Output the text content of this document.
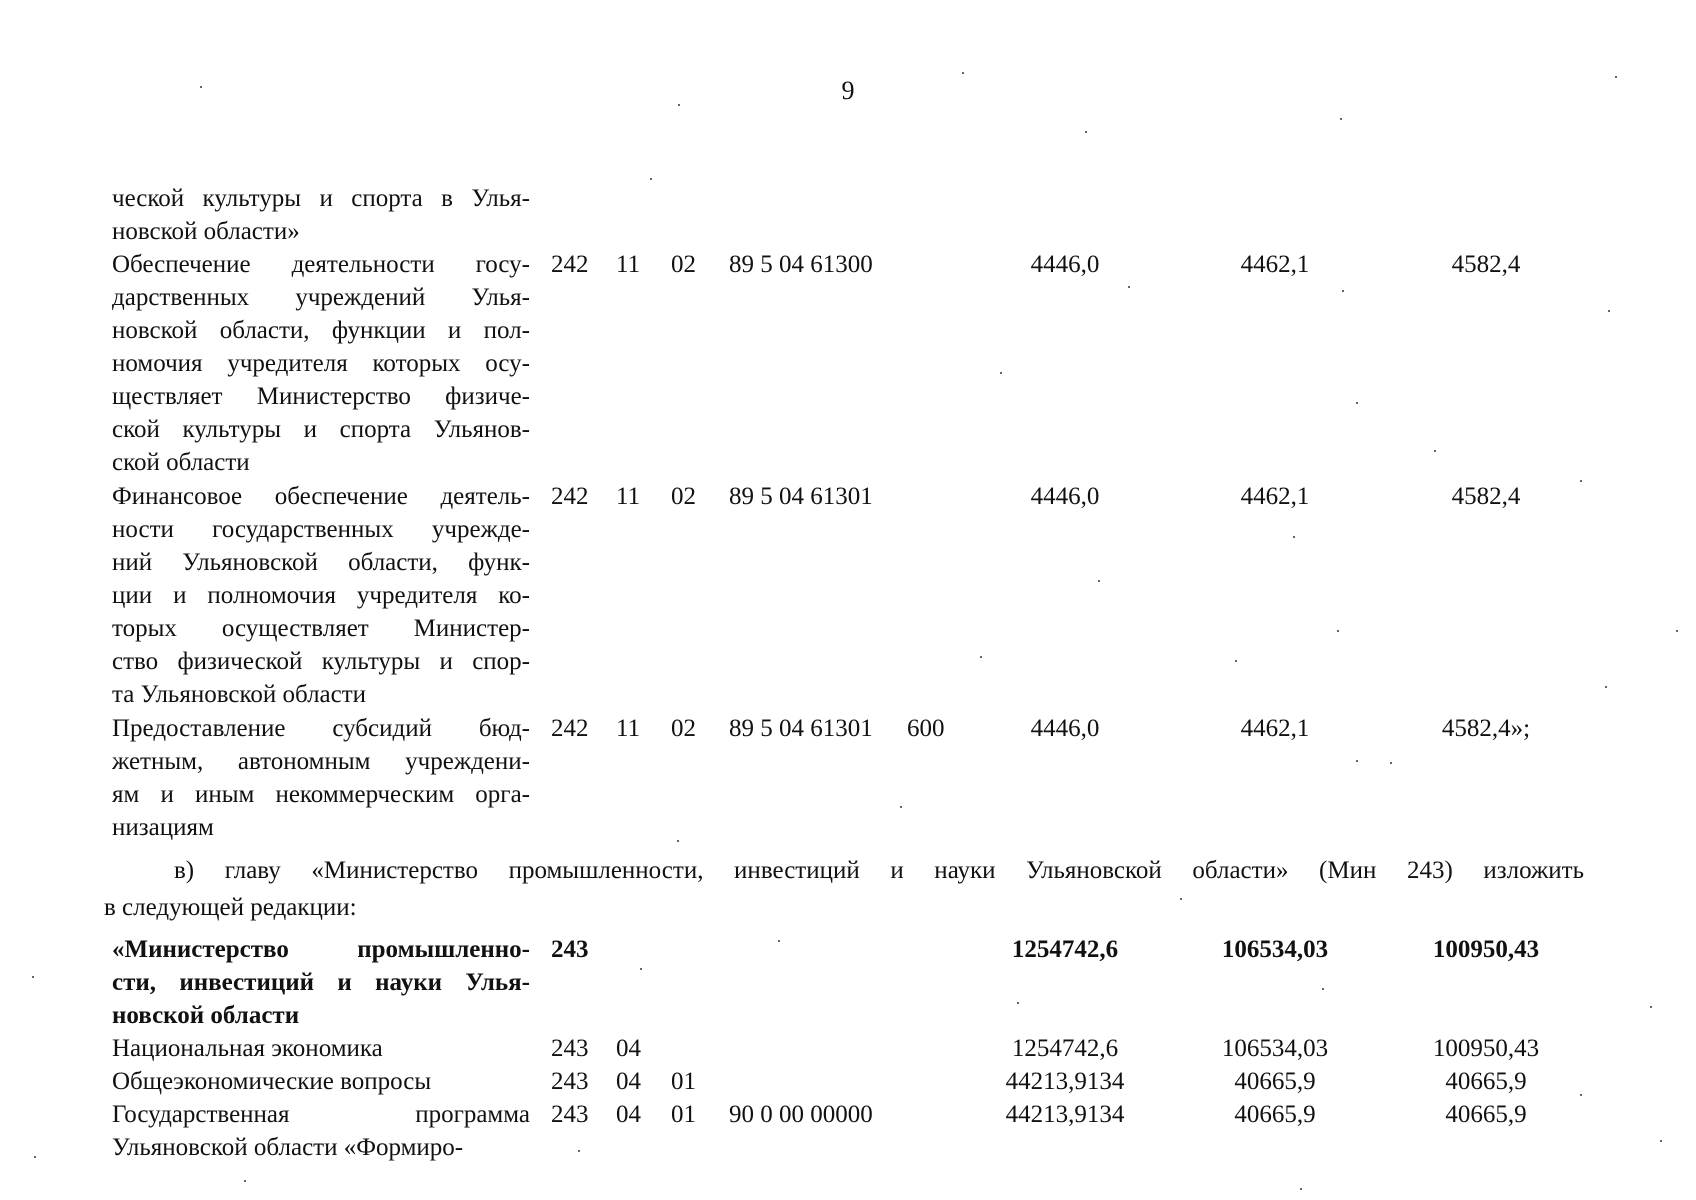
9
ческой культуры и спорта в Улья-
новской области»
Обеспечение деятельности госу-
дарственных учреждений Улья-
новской области, функции и пол-
номочия учредителя которых осу-
ществляет Министерство физиче-
ской культуры и спорта Ульянов-
ской области
242 11 02 89 5 04 61300	4446,0	4462,1	4582,4
Финансовое обеспечение деятель-
ности государственных учрежде-
ний Ульяновской области, функ-
ции и полномочия учредителя ко-
торых осуществляет Министер-
ство физической культуры и спор-
та Ульяновской области
242 11 02 89 5 04 61301	4446,0	4462,1	4582,4
Предоставление субсидий бюд-
жетным, автономным учреждени-
ям и иным некоммерческим орга-
низациям
242 11 02 89 5 04 61301 600	4446,0	4462,1	4582,4»;
«Министерство промышленно-
сти, инвестиций и науки Улья-
новской области
243	1254742,6	106534,03	100950,43
Национальная экономика	243 04	1254742,6	106534,03	100950,43
Общеэкономические вопросы	243 04 01	44213,9134	40665,9	40665,9
Государственная программа
Ульяновской области «Формиро-
243 04 01 90 0 00 00000	44213,9134	40665,9	40665,9
в) главу «Министерство промышленности, инвестиций и науки Ульяновской области» (Мин 243) изложить
в следующей редакции:
